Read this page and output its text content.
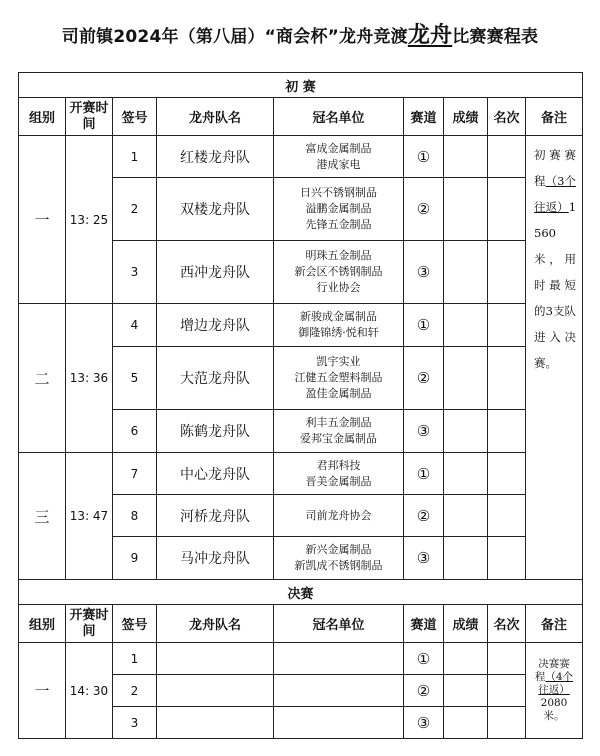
司前镇2024年（第八届）“商会杯”龙舟竞渡龙舟比赛赛程表
初 赛								
组别	开赛时间	签号	龙舟队名	冠名单位	赛道	成绩	名次	备注
一	13: 25	1	红楼龙舟队	富成金属制品
港成家电	①			初赛赛程（3个往返）1560米，用时最短的3支队进入决赛。
		2	双楼龙舟队	日兴不锈钢制品
溢鹏金属制品
先锋五金制品	②			
		3	西冲龙舟队	明珠五金制品
新会区不锈钢制品
行业协会	③			
二	13: 36	4	增边龙舟队	新骏成金属制品
御隆锦绣·悦和轩	①			
		5	大范龙舟队	凯宇实业
江健五金塑料制品
盈佳金属制品	②			
		6	陈鹤龙舟队	利丰五金制品
爱邦宝金属制品	③			
三	13: 47	7	中心龙舟队	君邦科技
晋美金属制品	①			
		8	河桥龙舟队	司前龙舟协会	②			
		9	马冲龙舟队	新兴金属制品
新凯成不锈钢制品	③			
决赛								
组别	开赛时间	签号	龙舟队名	冠名单位	赛道	成绩	名次	备注
一	14: 30	1			①			决赛赛程（4个往返）2080米。
		2			②			
		3			③			
